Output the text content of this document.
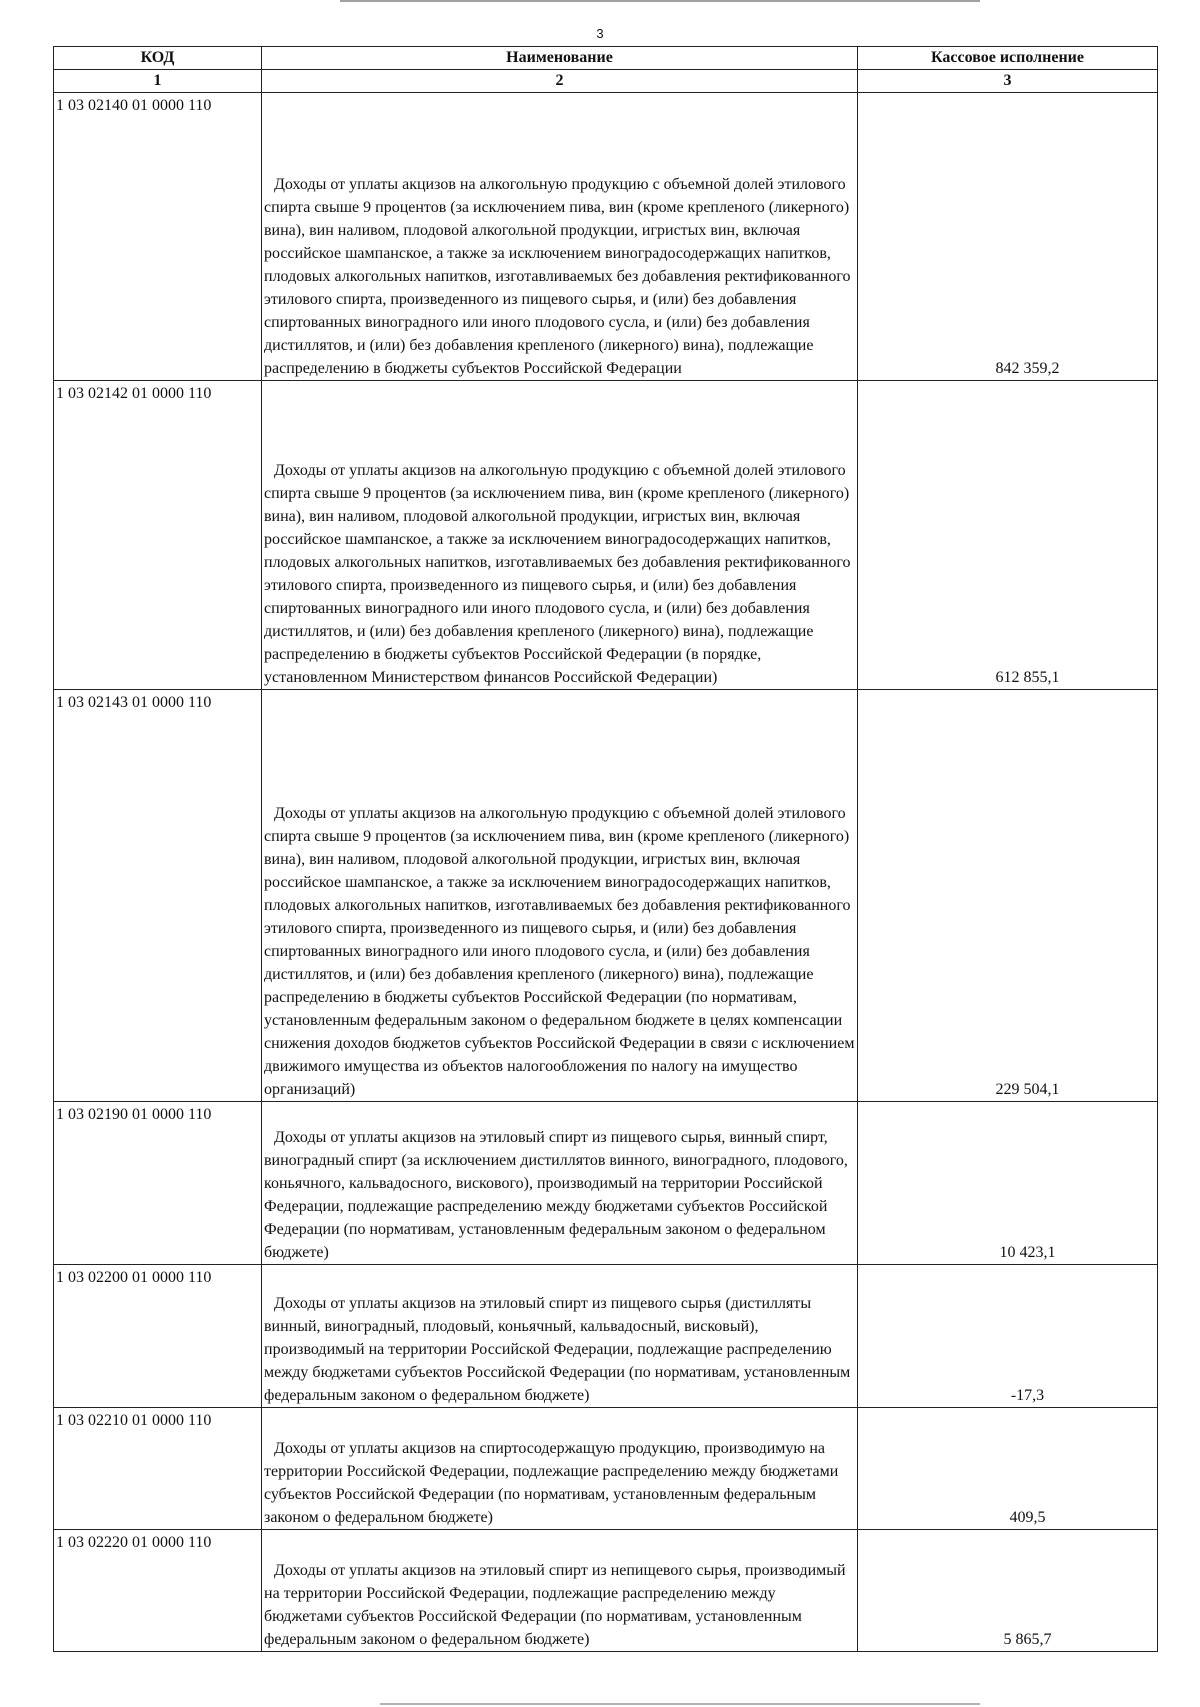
3
КОД	Наименование	Кассовое исполнение
1	2	3
1 03 02140 01 0000 110	Доходы от уплаты акцизов на алкогольную продукцию с объемной долей этилового спирта свыше 9 процентов (за исключением пива, вин (кроме крепленого (ликерного) вина), вин наливом, плодовой алкогольной продукции, игристых вин, включая российское шампанское, а также за исключением виноградосодержащих напитков, плодовых алкогольных напитков, изготавливаемых без добавления ректификованного этилового спирта, произведенного из пищевого сырья, и (или) без добавления спиртованных виноградного или иного плодового сусла, и (или) без добавления дистиллятов, и (или) без добавления крепленого (ликерного) вина), подлежащие распределению в бюджеты субъектов Российской Федерации	842 359,2
1 03 02142 01 0000 110	Доходы от уплаты акцизов на алкогольную продукцию с объемной долей этилового спирта свыше 9 процентов (за исключением пива, вин (кроме крепленого (ликерного) вина), вин наливом, плодовой алкогольной продукции, игристых вин, включая российское шампанское, а также за исключением виноградосодержащих напитков, плодовых алкогольных напитков, изготавливаемых без добавления ректификованного этилового спирта, произведенного из пищевого сырья, и (или) без добавления спиртованных виноградного или иного плодового сусла, и (или) без добавления дистиллятов, и (или) без добавления крепленого (ликерного) вина), подлежащие распределению в бюджеты субъектов Российской Федерации (в порядке, установленном Министерством финансов Российской Федерации)	612 855,1
1 03 02143 01 0000 110	Доходы от уплаты акцизов на алкогольную продукцию с объемной долей этилового спирта свыше 9 процентов (за исключением пива, вин (кроме крепленого (ликерного) вина), вин наливом, плодовой алкогольной продукции, игристых вин, включая российское шампанское, а также за исключением виноградосодержащих напитков, плодовых алкогольных напитков, изготавливаемых без добавления ректификованного этилового спирта, произведенного из пищевого сырья, и (или) без добавления спиртованных виноградного или иного плодового сусла, и (или) без добавления дистиллятов, и (или) без добавления крепленого (ликерного) вина), подлежащие распределению в бюджеты субъектов Российской Федерации (по нормативам, установленным федеральным законом о федеральном бюджете в целях компенсации снижения доходов бюджетов субъектов Российской Федерации в связи с исключением движимого имущества из объектов налогообложения по налогу на имущество организаций)	229 504,1
1 03 02190 01 0000 110	Доходы от уплаты акцизов на этиловый спирт из пищевого сырья, винный спирт, виноградный спирт (за исключением дистиллятов винного, виноградного, плодового, коньячного, кальвадосного, вискового), производимый на территории Российской Федерации, подлежащие распределению между бюджетами субъектов Российской Федерации (по нормативам, установленным федеральным законом о федеральном бюджете)	10 423,1
1 03 02200 01 0000 110	Доходы от уплаты акцизов на этиловый спирт из пищевого сырья (дистилляты винный, виноградный, плодовый, коньячный, кальвадосный, висковый), производимый на территории Российской Федерации, подлежащие распределению между бюджетами субъектов Российской Федерации (по нормативам, установленным федеральным законом о федеральном бюджете)	-17,3
1 03 02210 01 0000 110	Доходы от уплаты акцизов на спиртосодержащую продукцию, производимую на территории Российской Федерации, подлежащие распределению между бюджетами субъектов Российской Федерации (по нормативам, установленным федеральным законом о федеральном бюджете)	409,5
1 03 02220 01 0000 110	Доходы от уплаты акцизов на этиловый спирт из непищевого сырья, производимый на территории Российской Федерации, подлежащие распределению между бюджетами субъектов Российской Федерации (по нормативам, установленным федеральным законом о федеральном бюджете)	5 865,7
